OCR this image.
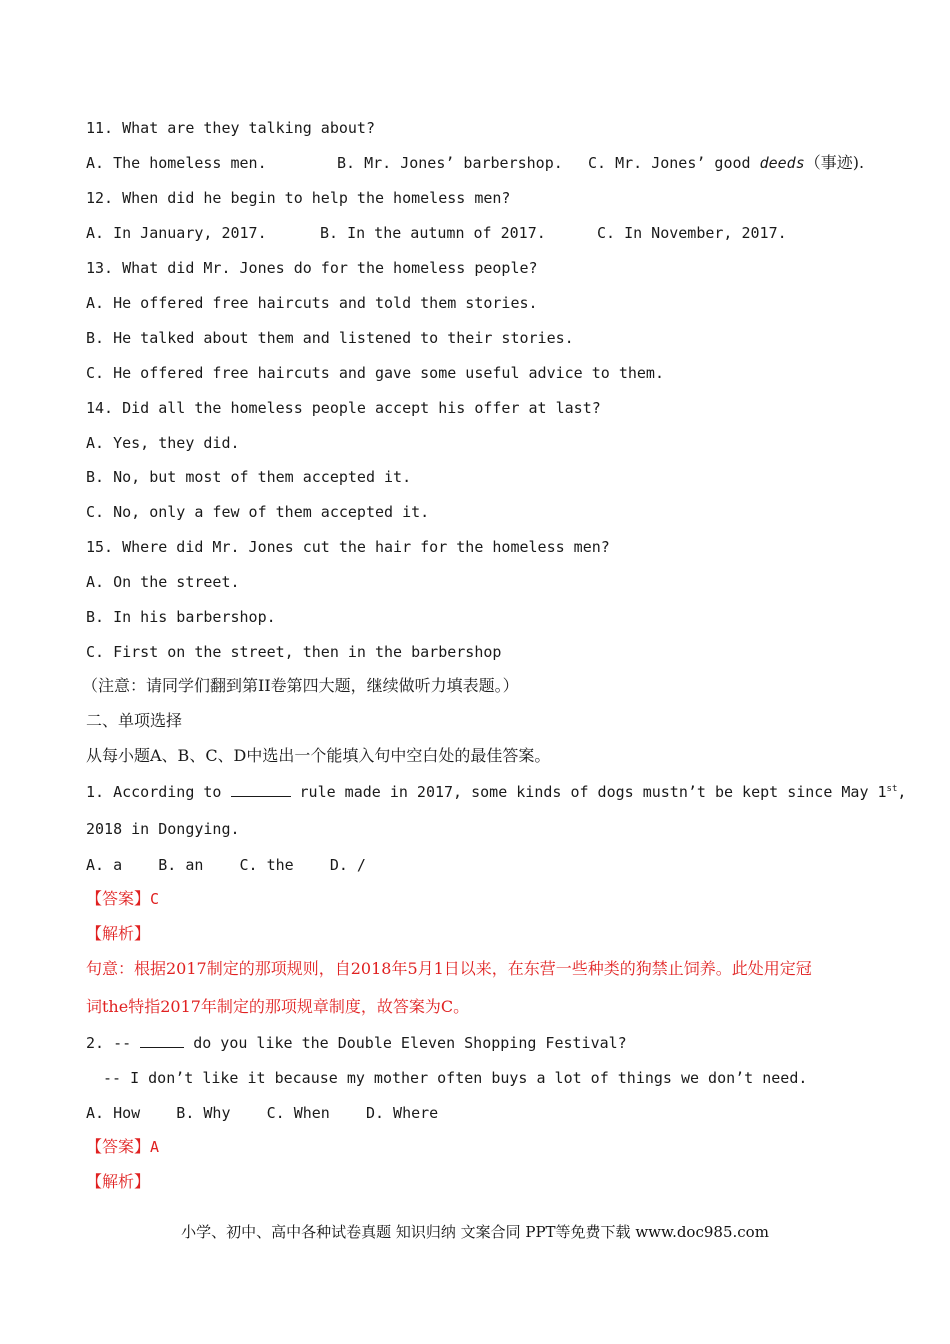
11. What are they talking about?
A. The homeless men.	B. Mr. Jones’ barbershop. C. Mr. Jones’ good deeds（事迹).
12. When did he begin to help the homeless men?
A. In January, 2017.	B. In the autumn of 2017.	C. In November, 2017.
13. What did Mr. Jones do for the homeless people?
A. He offered free haircuts and told them stories.
B. He talked about them and listened to their stories.
C. He offered free haircuts and gave some useful advice to them.
14. Did all the homeless people accept his offer at last?
A. Yes, they did.
B. No, but most of them accepted it.
C. No, only a few of them accepted it.
15. Where did Mr. Jones cut the hair for the homeless men?
A. On the street.
B. In his barbershop.
C. First on the street, then in the barbershop
（注意：请同学们翻到第II卷第四大题，继续做听力填表题。）
二、单项选择
从每小题A、B、C、D中选出一个能填入句中空白处的最佳答案。
1. According to	rule made in 2017, some kinds of dogs mustn’t be kept since May 1st,
2018 in Dongying.
A. a    B. an    C. the    D. /
【答案】C
【解析】
句意：根据2017制定的那项规则，自2018年5月1日以来，在东营一些种类的狗禁止饲养。此处用定冠
词the特指2017年制定的那项规章制度，故答案为C。
2. --	do you like the Double Eleven Shopping Festival?
-- I don’t like it because my mother often buys a lot of things we don’t need.
A. How    B. Why    C. When    D. Where
【答案】A
【解析】
小学、初中、高中各种试卷真题 知识归纳 文案合同 PPT等免费下载 www.doc985.com
